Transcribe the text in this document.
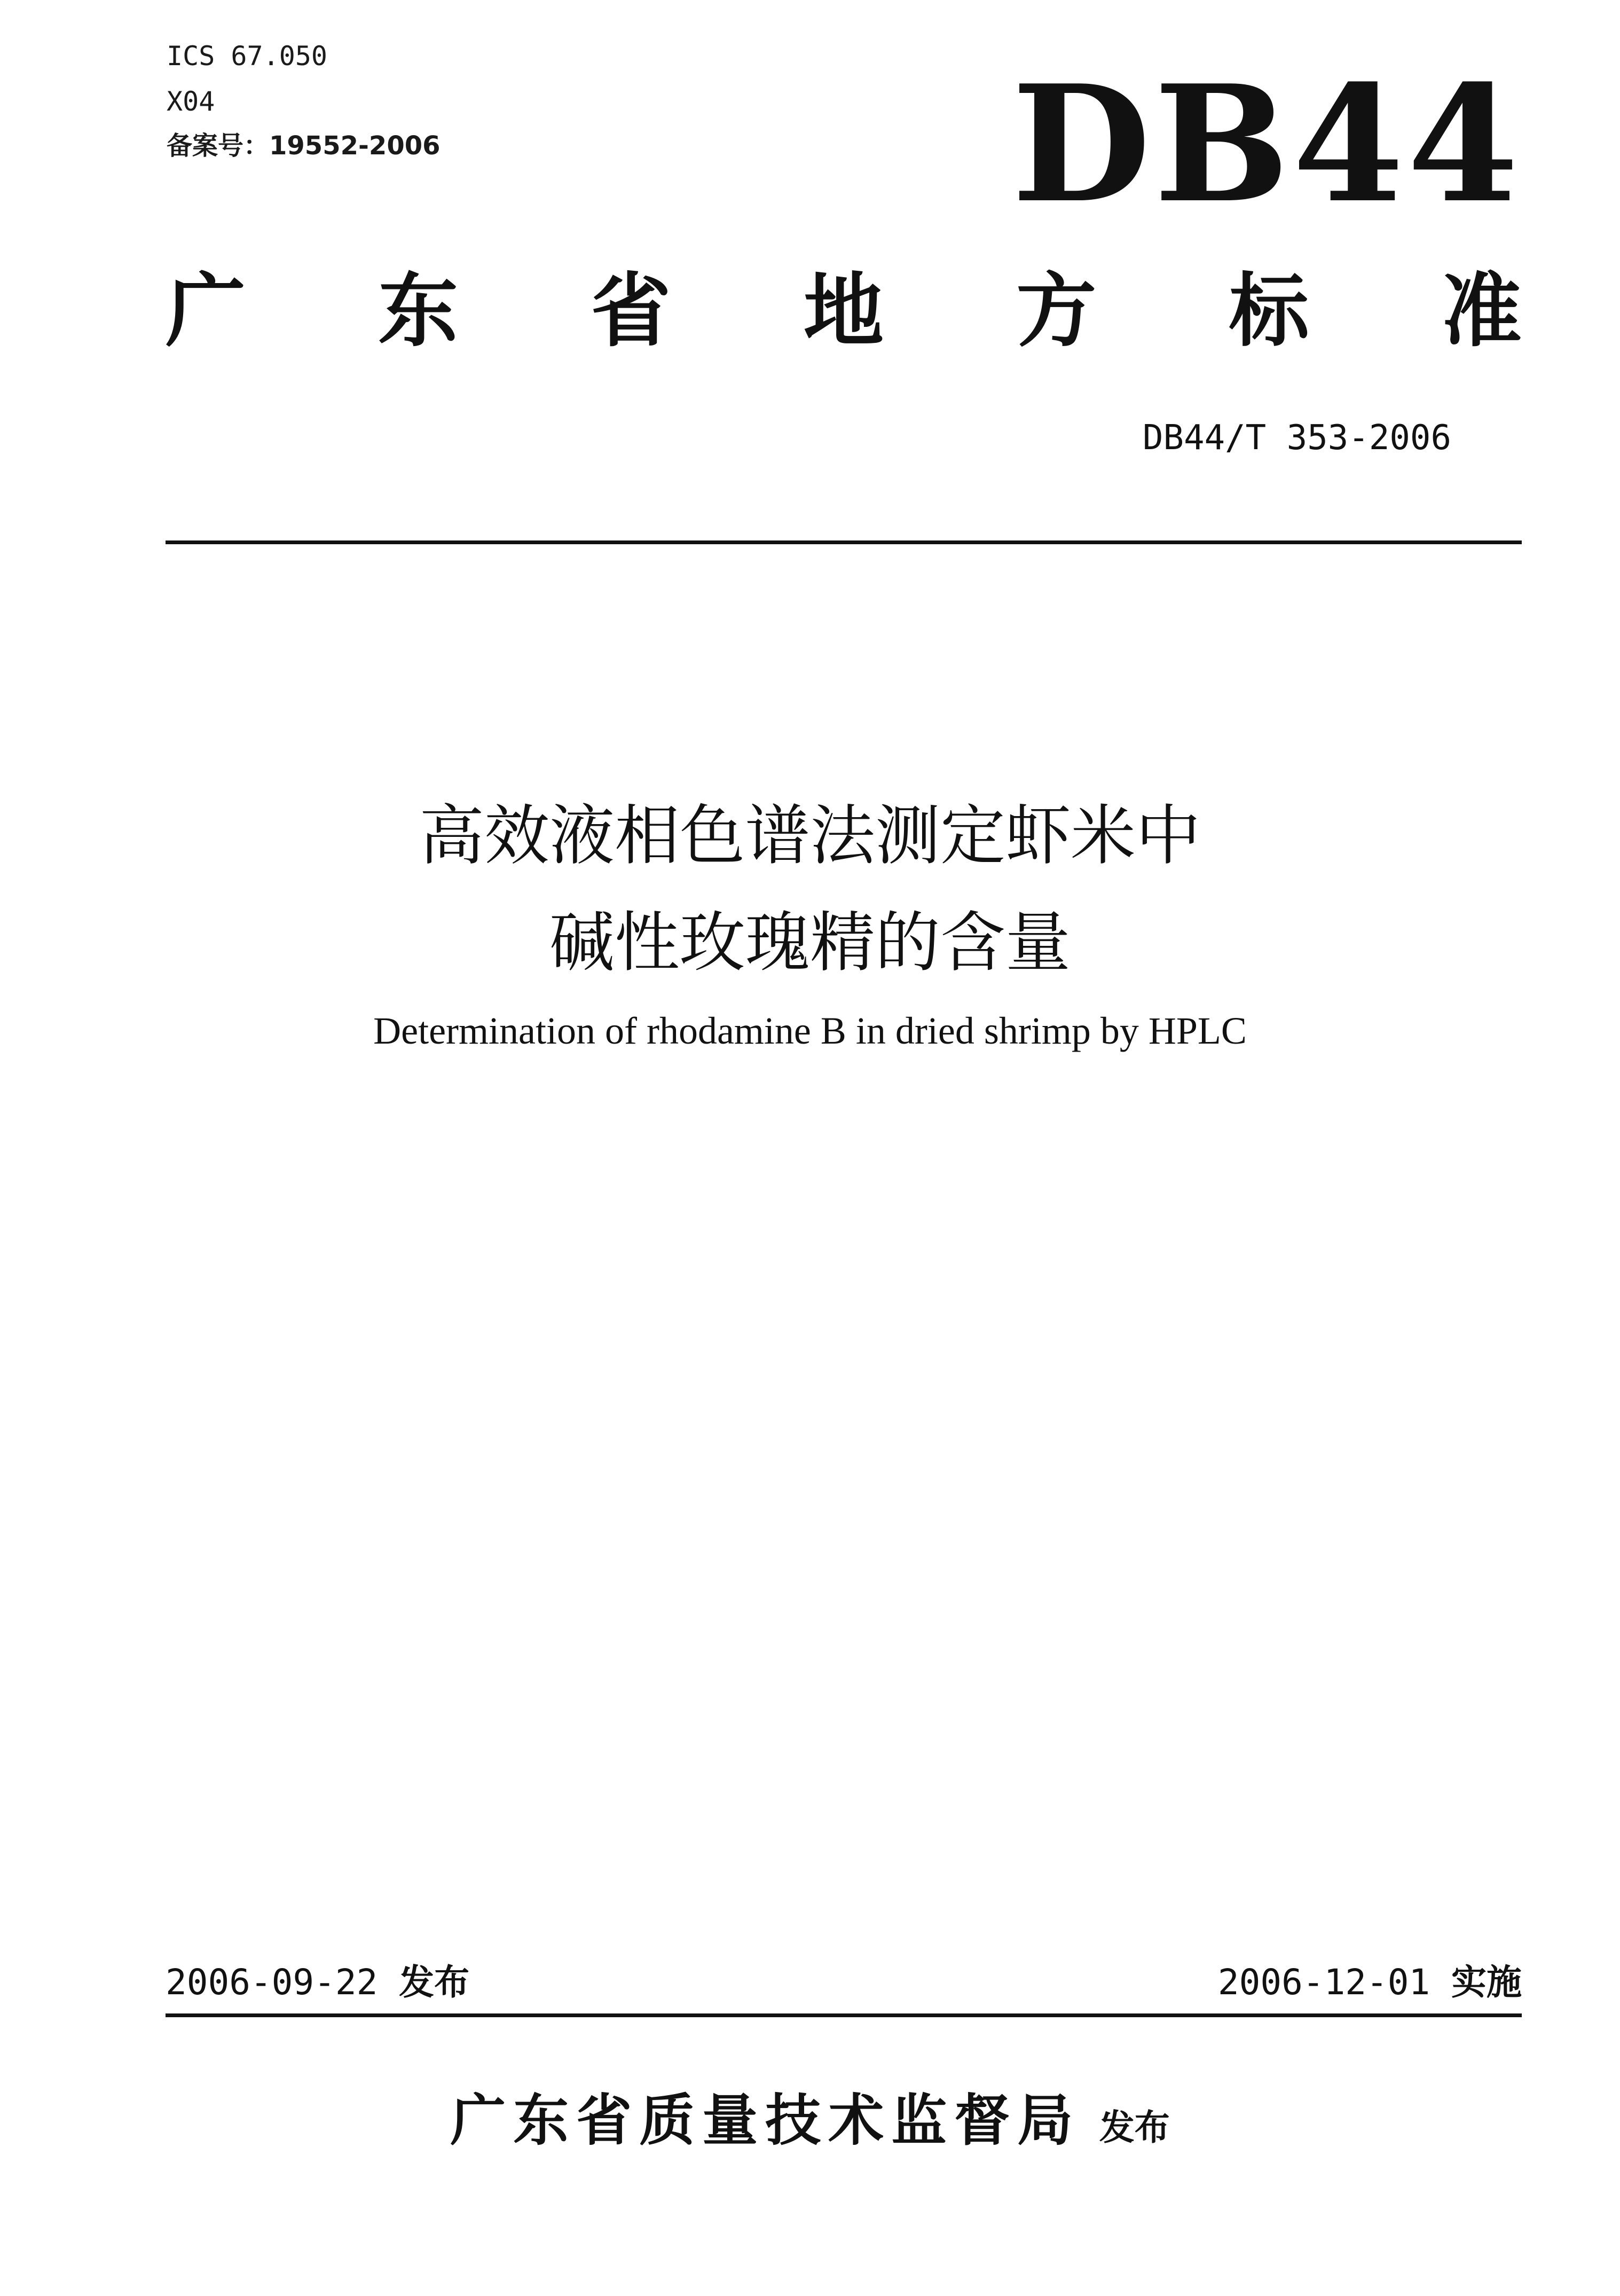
ICS 67.050
X04
备案号：19552-2006	DB44
广 东 省 地 方 标 准
DB44/T 353-2006
高效液相色谱法测定虾米中
碱性玫瑰精的含量
Determination of rhodamine B in dried shrimp by HPLC
2006-09-22 发布	2006-12-01 实施
广东省质量技术监督局 发布
